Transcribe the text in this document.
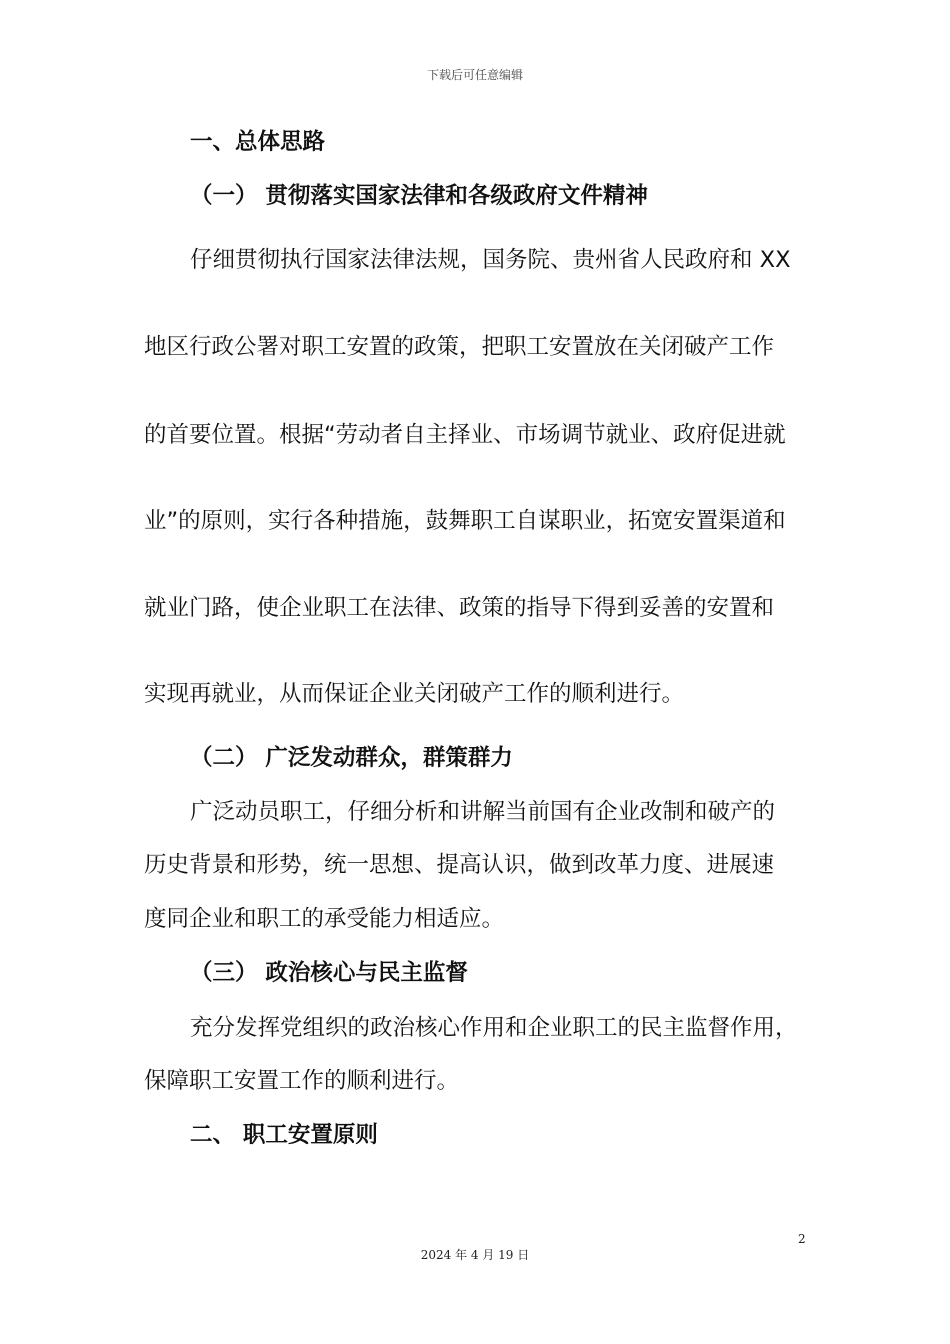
下载后可任意编辑
一、总体思路
（一） 贯彻落实国家法律和各级政府文件精神
仔细贯彻执行国家法律法规，国务院、贵州省人民政府和 XX
地区行政公署对职工安置的政策，把职工安置放在关闭破产工作
的首要位置。根据“劳动者自主择业、市场调节就业、政府促进就
业”的原则，实行各种措施，鼓舞职工自谋职业，拓宽安置渠道和
就业门路，使企业职工在法律、政策的指导下得到妥善的安置和
实现再就业，从而保证企业关闭破产工作的顺利进行。
（二） 广泛发动群众，群策群力
广泛动员职工，仔细分析和讲解当前国有企业改制和破产的
历史背景和形势，统一思想、提高认识，做到改革力度、进展速
度同企业和职工的承受能力相适应。
（三） 政治核心与民主监督
充分发挥党组织的政治核心作用和企业职工的民主监督作用，
保障职工安置工作的顺利进行。
二、 职工安置原则
2
2024 年 4 月 19 日
